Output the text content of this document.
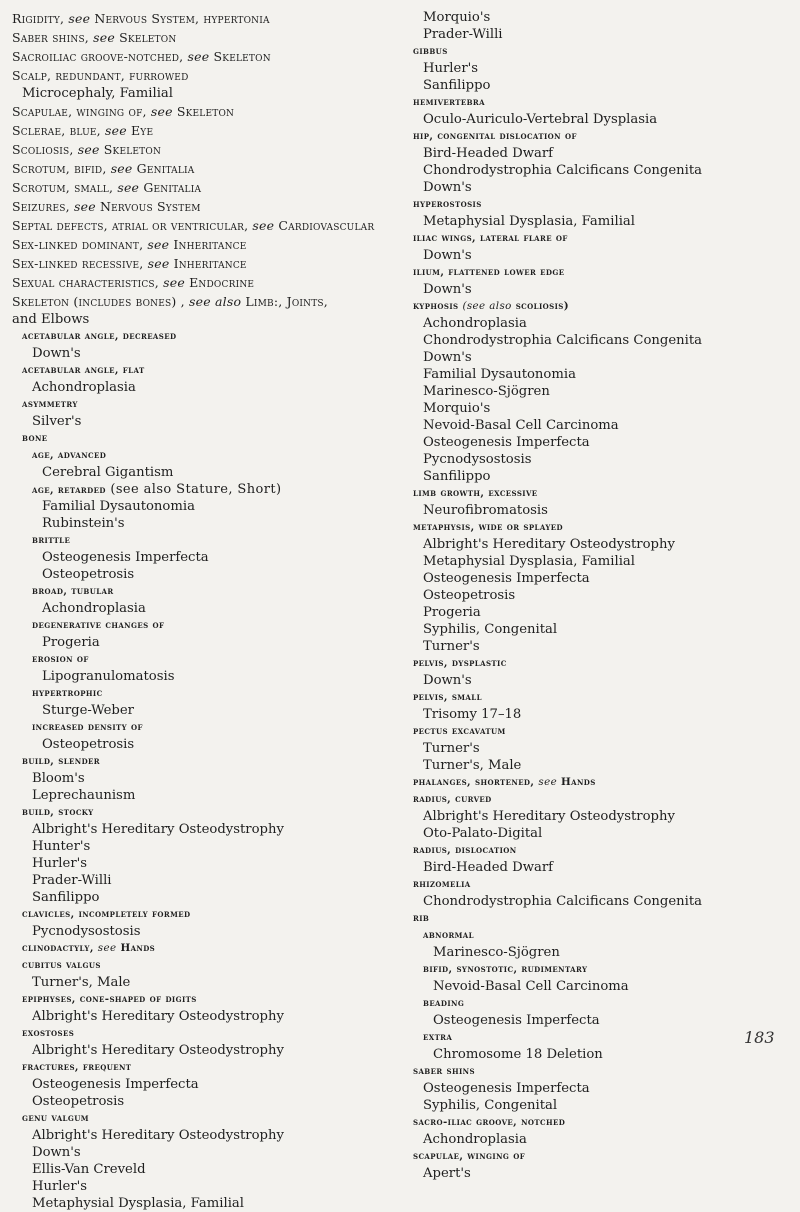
Rigidity, see Nervous System, hypertonia
Saber shins, see Skeleton
Sacroiliac groove-notched, see Skeleton
Scalp, redundant, furrowed
Microcephaly, Familial
Scapulae, winging of, see Skeleton
Sclerae, blue, see Eye
Scoliosis, see Skeleton
Scrotum, bifid, see Genitalia
Scrotum, small, see Genitalia
Seizures, see Nervous System
Septal defects, atrial or ventricular, see Cardiovascular
Sex-linked dominant, see Inheritance
Sex-linked recessive, see Inheritance
Sexual characteristics, see Endocrine
Skeleton (includes bones) , see also Limb:, Joints,
and Elbows
acetabular angle, decreased
Down's
acetabular angle, flat
Achondroplasia
asymmetry
Silver's
bone
age, advanced
Cerebral Gigantism
age, retarded (see also Stature, Short)
Familial Dysautonomia
Rubinstein's
brittle
Osteogenesis Imperfecta
Osteopetrosis
broad, tubular
Achondroplasia
degenerative changes of
Progeria
erosion of
Lipogranulomatosis
hypertrophic
Sturge-Weber
increased density of
Osteopetrosis
build, slender
Bloom's
Leprechaunism
build, stocky
Albright's Hereditary Osteodystrophy
Hunter's
Hurler's
Prader-Willi
Sanfilippo
clavicles, incompletely formed
Pycnodysostosis
clinodactyly, see Hands
cubitus valgus
Turner's, Male
epiphyses, cone-shaped of digits
Albright's Hereditary Osteodystrophy
exostoses
Albright's Hereditary Osteodystrophy
fractures, frequent
Osteogenesis Imperfecta
Osteopetrosis
genu valgum
Albright's Hereditary Osteodystrophy
Down's
Ellis-Van Creveld
Hurler's
Metaphysial Dysplasia, Familial
Morquio's
Prader-Willi
gibbus
Hurler's
Sanfilippo
hemivertebra
Oculo-Auriculo-Vertebral Dysplasia
hip, congenital dislocation of
Bird-Headed Dwarf
Chondrodystrophia Calcificans Congenita
Down's
hyperostosis
Metaphysial Dysplasia, Familial
iliac wings, lateral flare of
Down's
ilium, flattened lower edge
Down's
kyphosis (see also scoliosis)
Achondroplasia
Chondrodystrophia Calcificans Congenita
Down's
Familial Dysautonomia
Marinesco-Sjögren
Morquio's
Nevoid-Basal Cell Carcinoma
Osteogenesis Imperfecta
Pycnodysostosis
Sanfilippo
limb growth, excessive
Neurofibromatosis
metaphysis, wide or splayed
Albright's Hereditary Osteodystrophy
Metaphysial Dysplasia, Familial
Osteogenesis Imperfecta
Osteopetrosis
Progeria
Syphilis, Congenital
Turner's
pelvis, dysplastic
Down's
pelvis, small
Trisomy 17–18
pectus excavatum
Turner's
Turner's, Male
phalanges, shortened, see Hands
radius, curved
Albright's Hereditary Osteodystrophy
Oto-Palato-Digital
radius, dislocation
Bird-Headed Dwarf
rhizomelia
Chondrodystrophia Calcificans Congenita
rib
abnormal
Marinesco-Sjögren
bifid, synostotic, rudimentary
Nevoid-Basal Cell Carcinoma
beading
Osteogenesis Imperfecta
extra
Chromosome 18 Deletion
saber shins
Osteogenesis Imperfecta
Syphilis, Congenital
sacro-iliac groove, notched
Achondroplasia
scapulae, winging of
Apert's
183
